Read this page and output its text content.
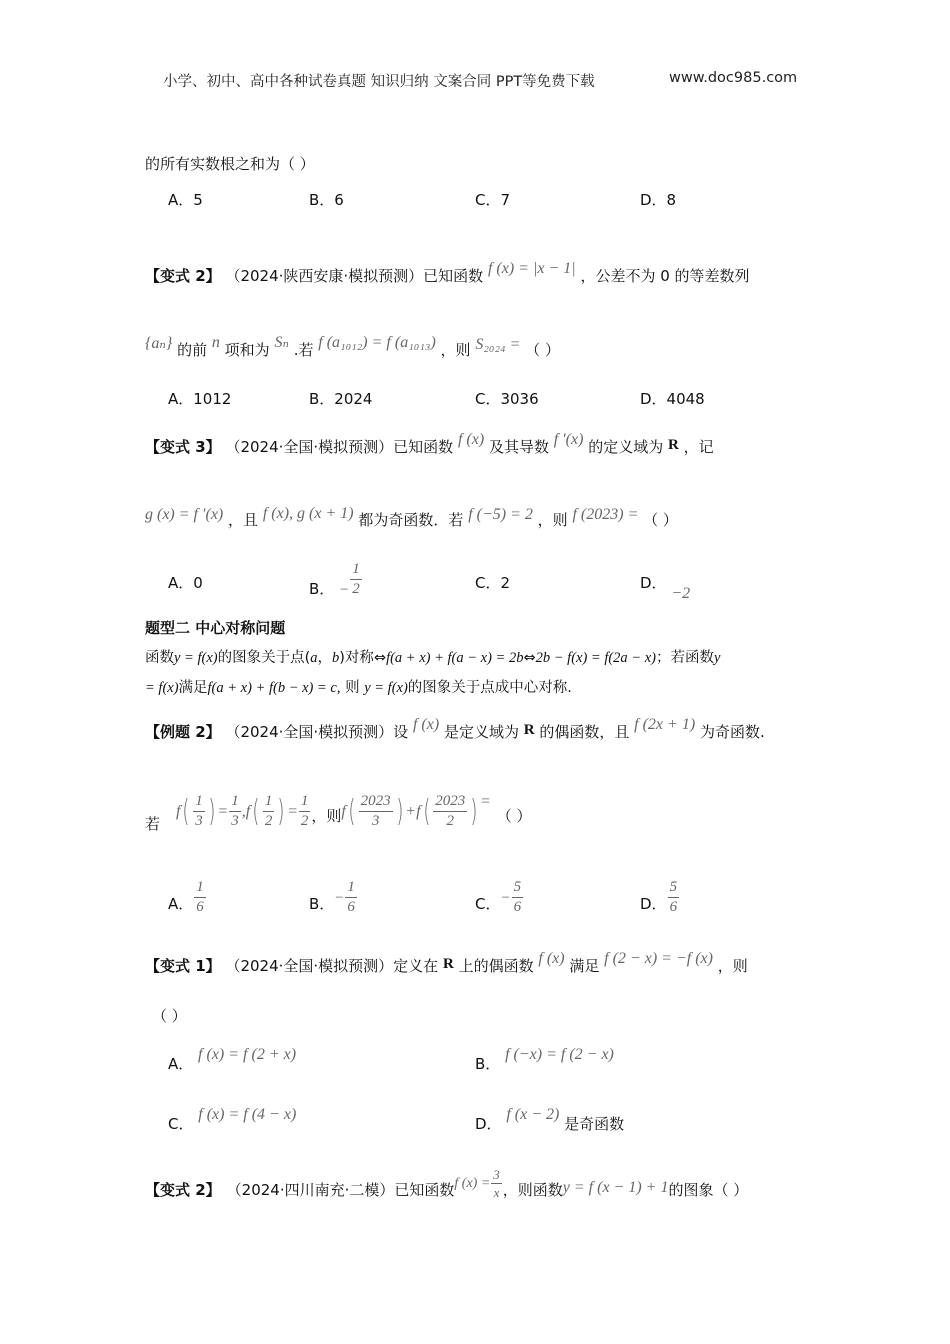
小学、初中、高中各种试卷真题 知识归纳 文案合同 PPT等免费下载	www.doc985.com
的所有实数根之和为（ ）
A．5	B．6	C．7	D．8
【变式 2】 （2024·陕西安康·模拟预测）已知函数 f (x) = |x − 1| ，公差不为 0 的等差数列
{aₙ} 的前 n 项和为 Sₙ .若 f (a₁₀₁₂) = f (a₁₀₁₃) ，则 S₂₀₂₄ = （ ）
A．1012	B．2024	C．3036	D．4048
【变式 3】 （2024·全国·模拟预测）已知函数 f (x) 及其导数 f ′(x) 的定义域为 R ，记
g (x) = f ′(x) ，且 f (x), g (x + 1) 都为奇函数．若 f (−5) = 2 ，则 f (2023) = （ ）
A．0	B． − $\frac{1}{2}$	C．2	D． −2
题型二 中心对称问题
函数y = f(x)的图象关于点(a，b)对称⇔f(a + x) + f(a − x) = 2b⇔2b − f(x) = f(2a − x)；若函数y
= f(x)满足f(a + x) + f(b − x) = c, 则 y = f(x)的图象关于点成中心对称.
【例题 2】 （2024·全国·模拟预测）设 f (x) 是定义域为 R 的偶函数，且 f (2x + 1) 为奇函数.
若
f ( $\frac{1}{3}$ ) = $\frac{1}{3}$ , f ( $\frac{1}{2}$ ) = $\frac{1}{2}$ ，则 f ( $\frac{2023}{3}$ ) + f ( $\frac{2023}{2}$ ) =
（ ）
A． $\frac{1}{6}$	B． − $\frac{1}{6}$	C． − $\frac{5}{6}$	D． $\frac{5}{6}$
【变式 1】 （2024·全国·模拟预测）定义在 R 上的偶函数 f (x) 满足 f (2 − x) = −f (x) ，则
（ ）
A． f (x) = f (2 + x)
B． f (−x) = f (2 − x)
C． f (x) = f (4 − x)
D． f (x − 2) 是奇函数
【变式 2】 （2024·四川南充·二模）已知函数 f $(x) = \frac{3}{x}$ ，则函数 y = f (x − 1) + 1 的图象（ ）
